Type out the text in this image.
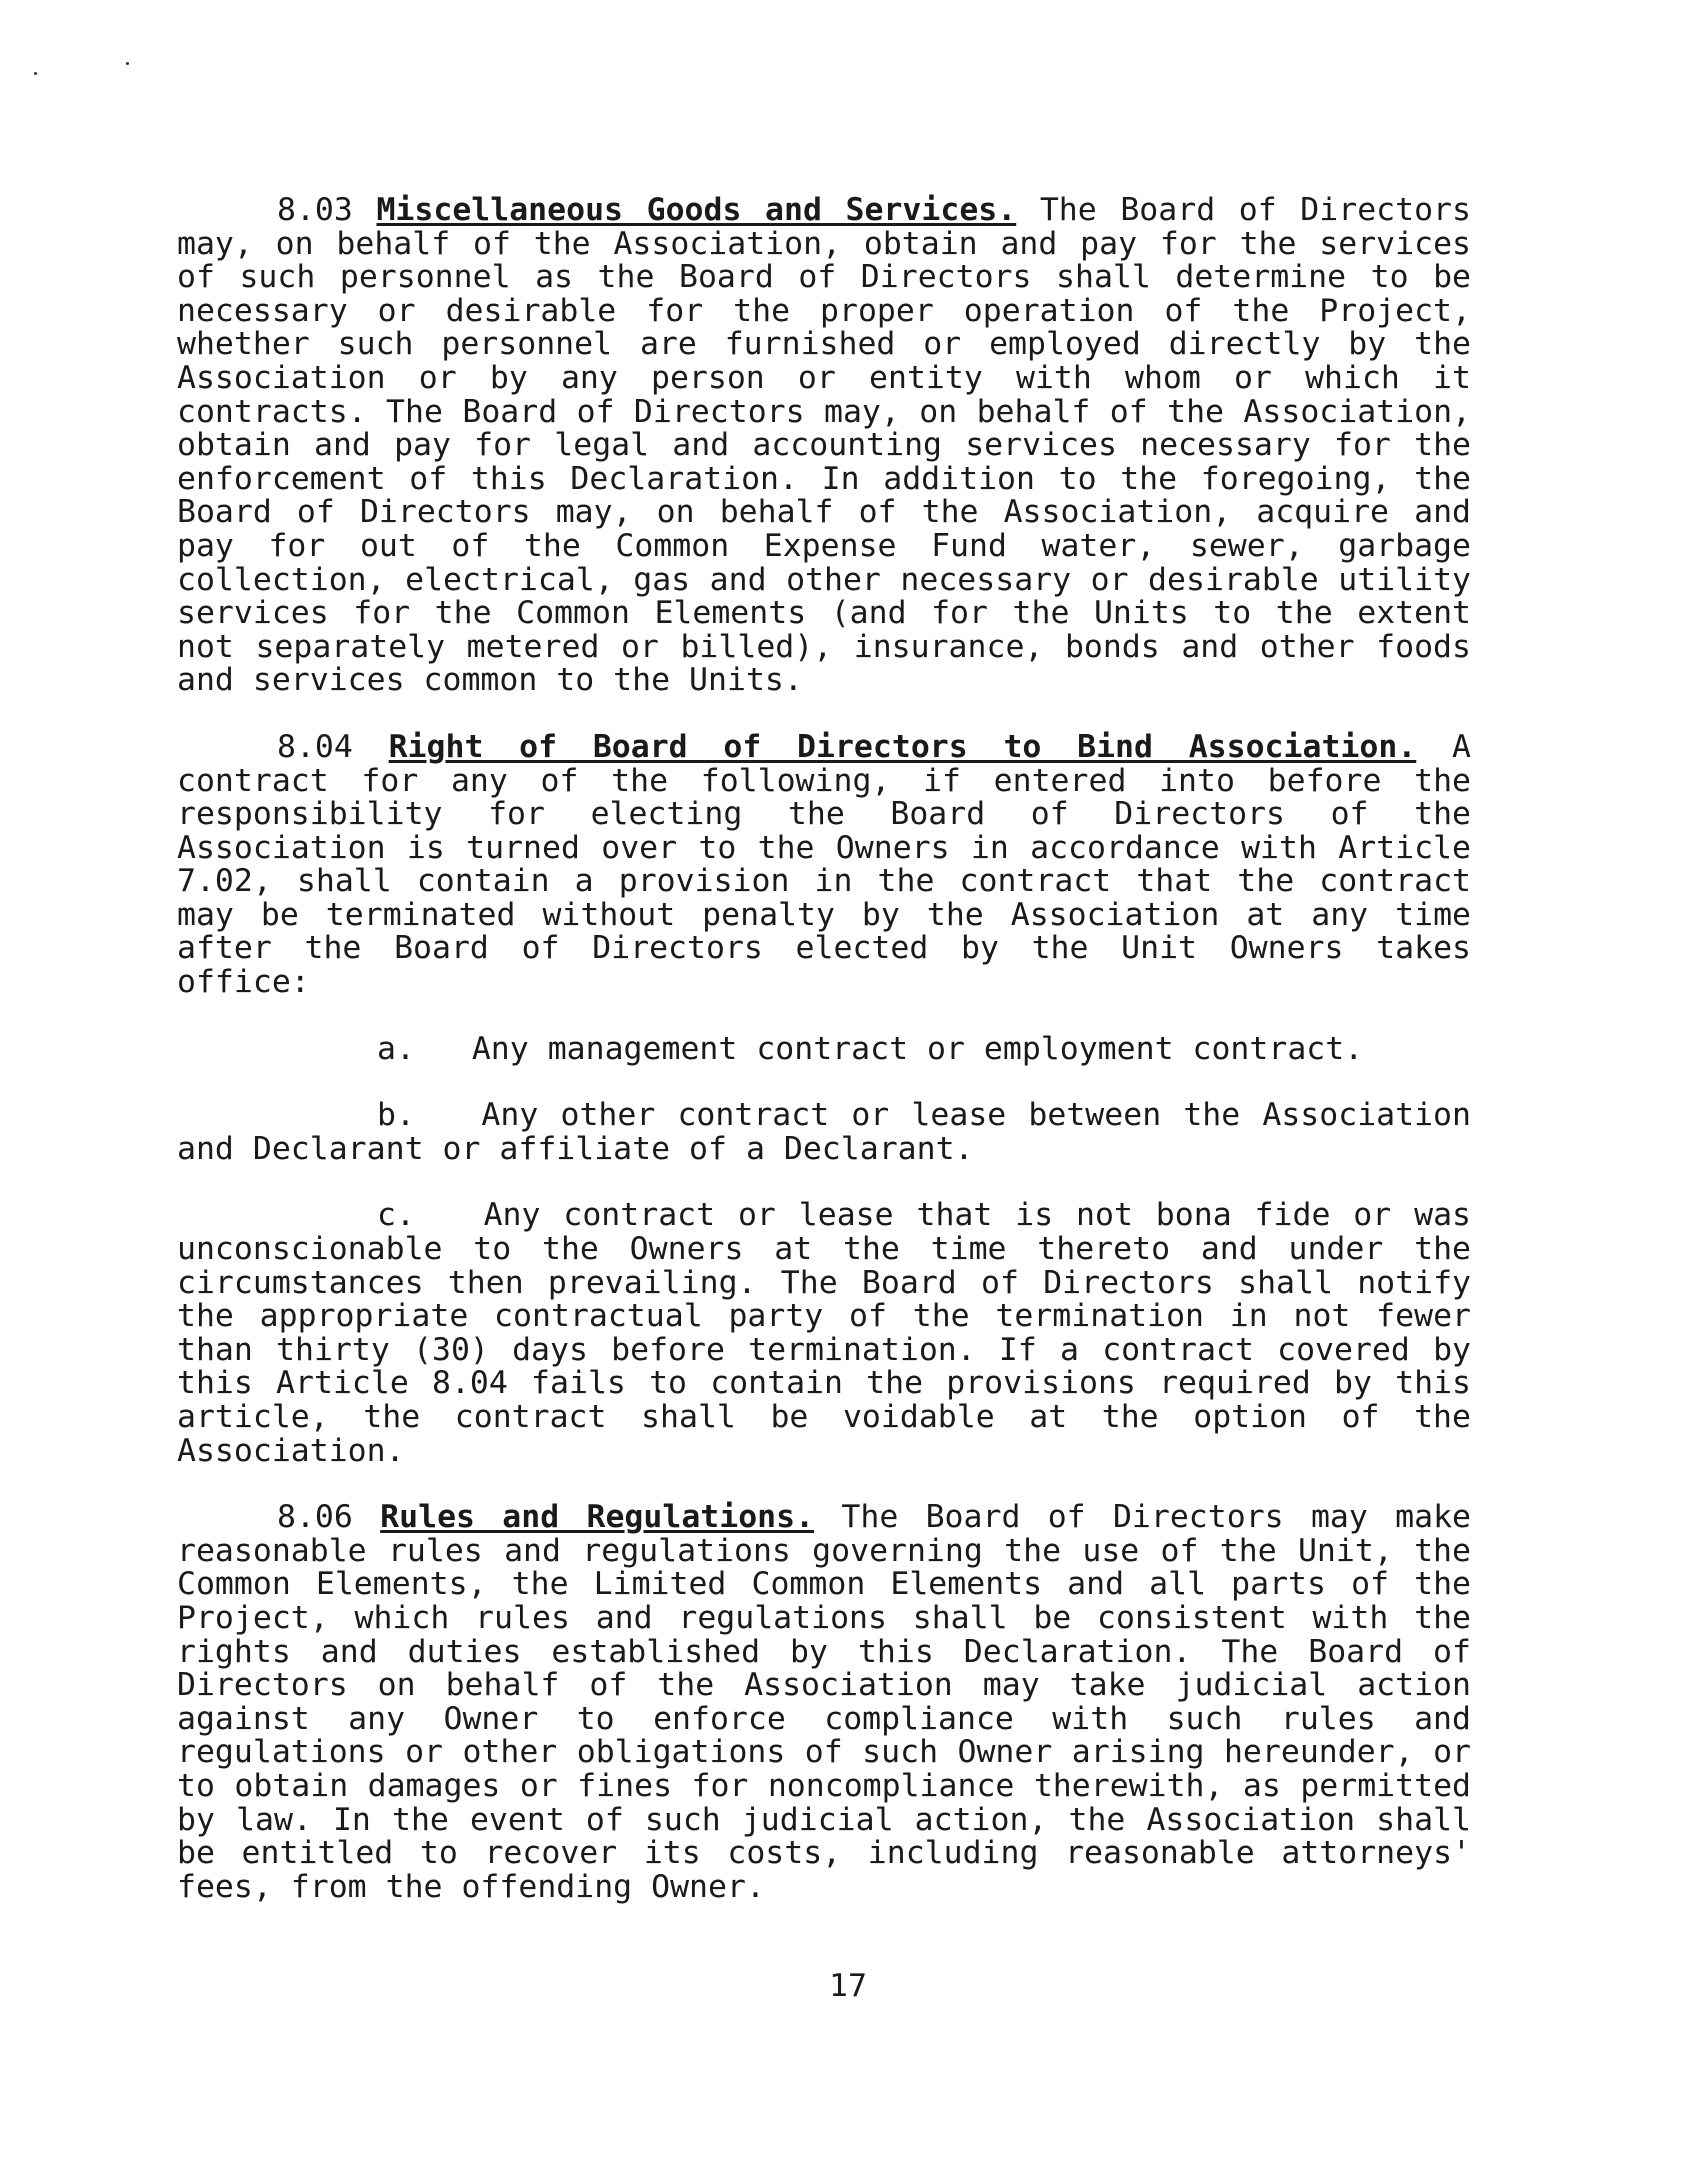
8.03 Miscellaneous Goods and Services. The Board of Directors may, on behalf of the Association, obtain and pay for the services of such personnel as the Board of Directors shall determine to be necessary or desirable for the proper operation of the Project, whether such personnel are furnished or employed directly by the Association or by any person or entity with whom or which it contracts. The Board of Directors may, on behalf of the Association, obtain and pay for legal and accounting services necessary for the enforcement of this Declaration. In addition to the foregoing, the Board of Directors may, on behalf of the Association, acquire and pay for out of the Common Expense Fund water, sewer, garbage collection, electrical, gas and other necessary or desirable utility services for the Common Elements (and for the Units to the extent not separately metered or billed), insurance, bonds and other foods and services common to the Units.

8.04 Right of Board of Directors to Bind Association. A contract for any of the following, if entered into before the responsibility for electing the Board of Directors of the Association is turned over to the Owners in accordance with Article 7.02, shall contain a provision in the contract that the contract may be terminated without penalty by the Association at any time after the Board of Directors elected by the Unit Owners takes office:

a. Any management contract or employment contract.

b. Any other contract or lease between the Association and Declarant or affiliate of a Declarant.

c. Any contract or lease that is not bona fide or was unconscionable to the Owners at the time thereto and under the circumstances then prevailing. The Board of Directors shall notify the appropriate contractual party of the termination in not fewer than thirty (30) days before termination. If a contract covered by this Article 8.04 fails to contain the provisions required by this article, the contract shall be voidable at the option of the Association.

8.06 Rules and Regulations. The Board of Directors may make reasonable rules and regulations governing the use of the Unit, the Common Elements, the Limited Common Elements and all parts of the Project, which rules and regulations shall be consistent with the rights and duties established by this Declaration. The Board of Directors on behalf of the Association may take judicial action against any Owner to enforce compliance with such rules and regulations or other obligations of such Owner arising hereunder, or to obtain damages or fines for noncompliance therewith, as permitted by law. In the event of such judicial action, the Association shall be entitled to recover its costs, including reasonable attorneys' fees, from the offending Owner.

17
